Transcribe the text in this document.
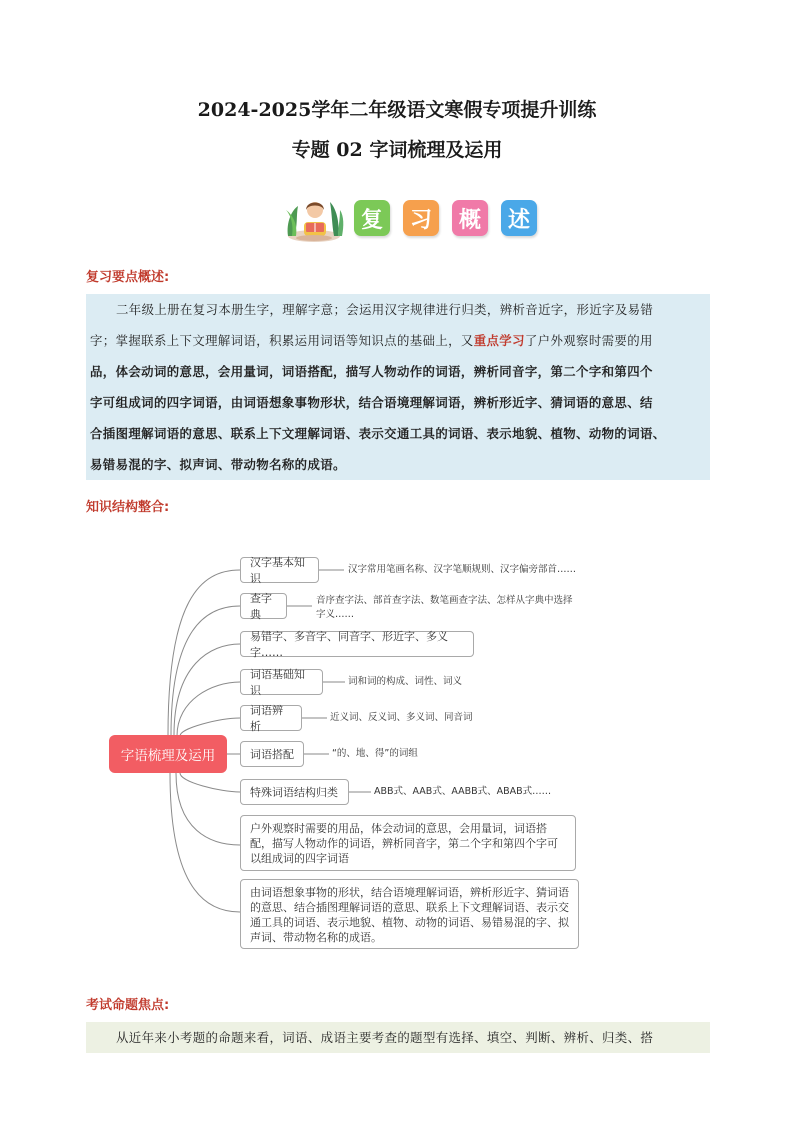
2024-2025学年二年级语文寒假专项提升训练
专题 02 字词梳理及运用
复	习	概	述
复习要点概述:
二年级上册在复习本册生字，理解字意；会运用汉字规律进行归类，辨析音近字，形近字及易错
字；掌握联系上下文理解词语，积累运用词语等知识点的基础上，又重点学习了户外观察时需要的用
品，体会动词的意思，会用量词，词语搭配，描写人物动作的词语，辨析同音字，第二个字和第四个
字可组成词的四字词语，由词语想象事物形状，结合语境理解词语，辨析形近字、猜词语的意思、结
合插图理解词语的意思、联系上下文理解词语、表示交通工具的词语、表示地貌、植物、动物的词语、
易错易混的字、拟声词、带动物名称的成语。
知识结构整合:
字语梳理及运用
汉字基本知识
汉字常用笔画名称、汉字笔顺规则、汉字偏旁部首……
查字典
音序查字法、部首查字法、数笔画查字法、怎样从字典中选择字义……
易错字、多音字、同音字、形近字、多义字……
词语基础知识
词和词的构成、词性、词义
词语辨析
近义词、反义词、多义词、同音词
词语搭配	“的、地、得”的词组
特殊词语结构归类	ABB式、AAB式、AABB式、ABAB式……
户外观察时需要的用品，体会动词的意思，会用量词，词语搭配，描写人物动作的词语，辨析同音字，第二个字和第四个字可以组成词的四字词语
由词语想象事物的形状，结合语境理解词语，辨析形近字、猜词语的意思、结合插图理解词语的意思、联系上下文理解词语、表示交通工具的词语、表示地貌、植物、动物的词语、易错易混的字、拟声词、带动物名称的成语。
考试命题焦点:
从近年来小考题的命题来看，词语、成语主要考查的题型有选择、填空、判断、辨析、归类、搭
